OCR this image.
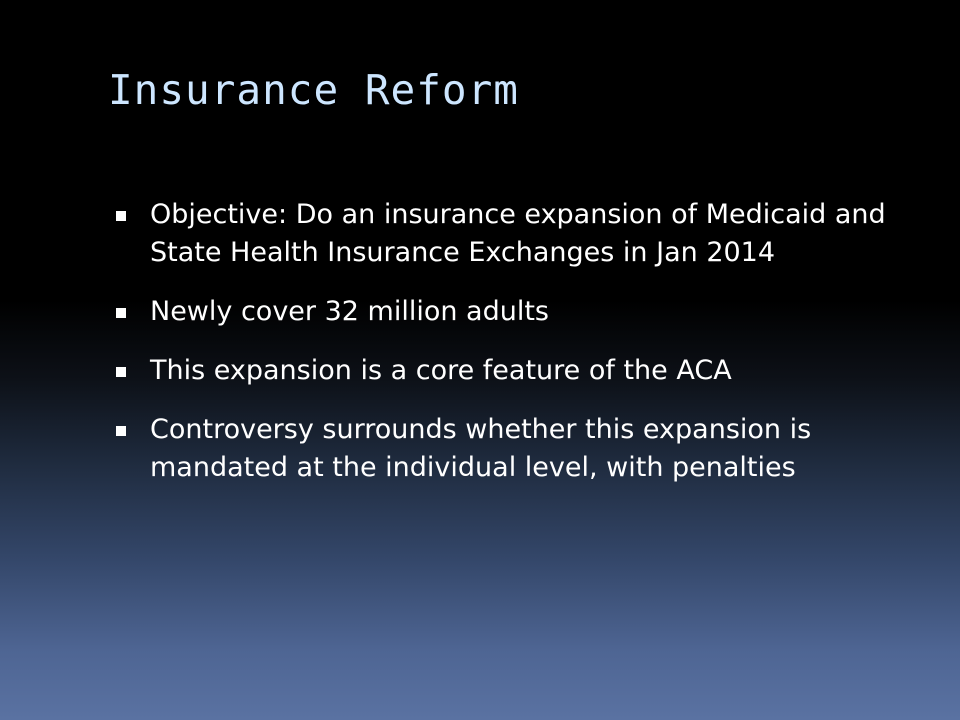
Insurance Reform
Objective: Do an insurance expansion of Medicaid and State Health Insurance Exchanges in Jan 2014
Newly cover 32 million adults
This expansion is a core feature of the ACA
Controversy surrounds whether this expansion is mandated at the individual level, with penalties
